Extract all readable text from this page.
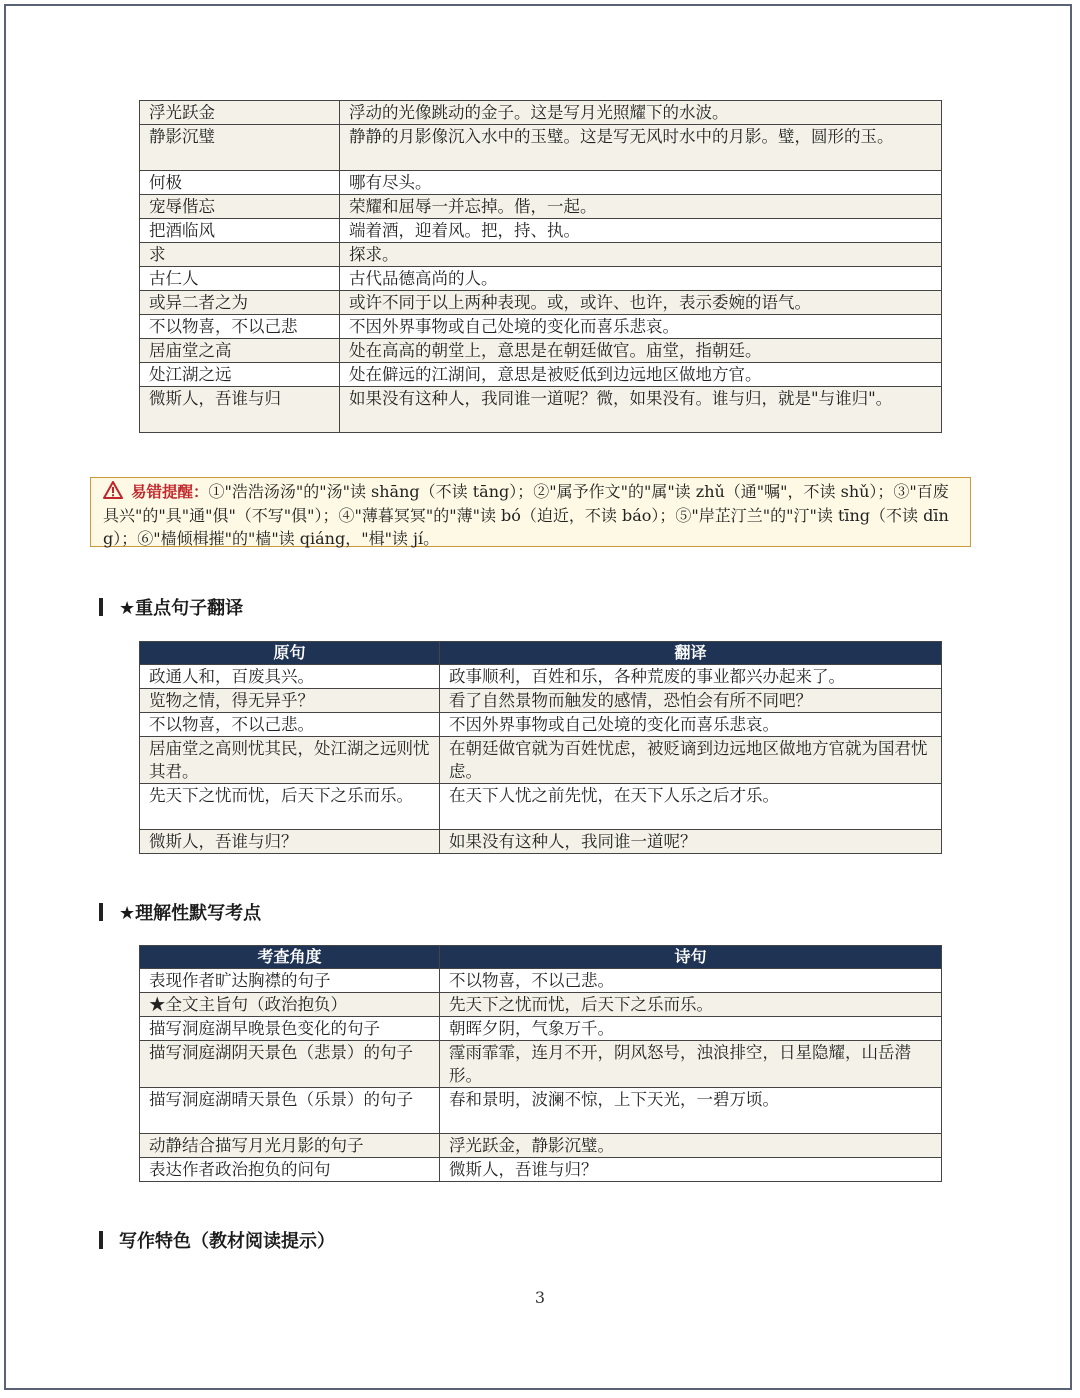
浮光跃金	浮动的光像跳动的金子。这是写月光照耀下的水波。
静影沉璧	静静的月影像沉入水中的玉璧。这是写无风时水中的月影。璧，圆形的玉。
何极	哪有尽头。
宠辱偕忘	荣耀和屈辱一并忘掉。偕，一起。
把酒临风	端着酒，迎着风。把，持、执。
求	探求。
古仁人	古代品德高尚的人。
或异二者之为	或许不同于以上两种表现。或，或许、也许，表示委婉的语气。
不以物喜，不以己悲	不因外界事物或自己处境的变化而喜乐悲哀。
居庙堂之高	处在高高的朝堂上，意思是在朝廷做官。庙堂，指朝廷。
处江湖之远	处在僻远的江湖间，意思是被贬低到边远地区做地方官。
微斯人，吾谁与归	如果没有这种人，我同谁一道呢？微，如果没有。谁与归，就是"与谁归"。
易错提醒：①"浩浩汤汤"的"汤"读 shāng（不读 tāng）；②"属予作文"的"属"读 zhǔ（通"嘱"，不读 shǔ）；③"百废具兴"的"具"通"俱"（不写"俱"）；④"薄暮冥冥"的"薄"读 bó（迫近，不读 báo）；⑤"岸芷汀兰"的"汀"读 tīng（不读 dīng）；⑥"樯倾楫摧"的"樯"读 qiáng，"楫"读 jí。
★重点句子翻译
原句	翻译
政通人和，百废具兴。	政事顺利，百姓和乐，各种荒废的事业都兴办起来了。
览物之情，得无异乎？	看了自然景物而触发的感情，恐怕会有所不同吧？
不以物喜，不以己悲。	不因外界事物或自己处境的变化而喜乐悲哀。
居庙堂之高则忧其民，处江湖之远则忧其君。	在朝廷做官就为百姓忧虑，被贬谪到边远地区做地方官就为国君忧虑。
先天下之忧而忧，后天下之乐而乐。	在天下人忧之前先忧，在天下人乐之后才乐。
微斯人，吾谁与归？	如果没有这种人，我同谁一道呢？
★理解性默写考点
考查角度	诗句
表现作者旷达胸襟的句子	不以物喜，不以己悲。
★全文主旨句（政治抱负）	先天下之忧而忧，后天下之乐而乐。
描写洞庭湖早晚景色变化的句子	朝晖夕阴，气象万千。
描写洞庭湖阴天景色（悲景）的句子	霪雨霏霏，连月不开，阴风怒号，浊浪排空，日星隐耀，山岳潜形。
描写洞庭湖晴天景色（乐景）的句子	春和景明，波澜不惊，上下天光，一碧万顷。
动静结合描写月光月影的句子	浮光跃金，静影沉璧。
表达作者政治抱负的问句	微斯人，吾谁与归？
写作特色（教材阅读提示）
3
